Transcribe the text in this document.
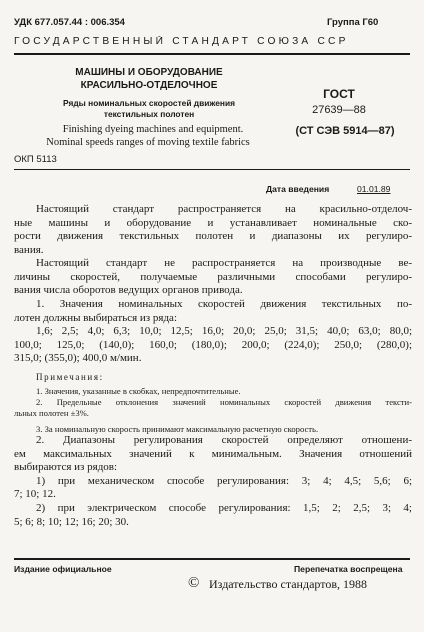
УДК 677.057.44 : 006.354	Группа Г60
ГОСУДАРСТВЕННЫЙ СТАНДАРТ СОЮЗА ССР
МАШИНЫ И ОБОРУДОВАНИЕ
КРАСИЛЬНО-ОТДЕЛОЧНОЕ
Ряды номинальных скоростей движения
текстильных полотен
Finishing dyeing machines and equipment.
Nominal speeds ranges of moving textile fabrics
ГОСТ
27639—88
(СТ СЭВ 5914—87)
ОКП 5113
Дата введения	01.01.89
Настоящий стандарт распространяется на красильно-отделоч-
ные машины и оборудование и устанавливает номинальные ско-
рости движения текстильных полотен и диапазоны их регулиро-
вания.
Настоящий стандарт не распространяется на производные ве-
личины скоростей, получаемые различными способами регулиро-
вания числа оборотов ведущих органов привода.
1. Значения номинальных скоростей движения текстильных по-
лотен должны выбираться из ряда:
1,6; 2,5; 4,0; 6,3; 10,0; 12,5; 16,0; 20,0; 25,0; 31,5; 40,0; 63,0; 80,0;
100,0; 125,0; (140,0); 160,0; (180,0); 200,0; (224,0); 250,0; (280,0);
315,0; (355,0); 400,0 м/мин.
Примечания:
1. Значения, указанные в скобках, непредпочтительные.
2. Предельные отклонения значений номинальных скоростей движения тексти-
льных полотен ±3%.
3. За номинальную скорость принимают максимальную расчетную скорость.
2. Диапазоны регулирования скоростей определяют отношени-
ем максимальных значений к минимальным. Значения отношений
выбираются из рядов:
1) при механическом способе регулирования: 3; 4; 4,5; 5,6; 6;
7; 10; 12.
2) при электрическом способе регулирования: 1,5; 2; 2,5; 3; 4;
5; 6; 8; 10; 12; 16; 20; 30.
Издание официальное	Перепечатка воспрещена
© Издательство стандартов, 1988
